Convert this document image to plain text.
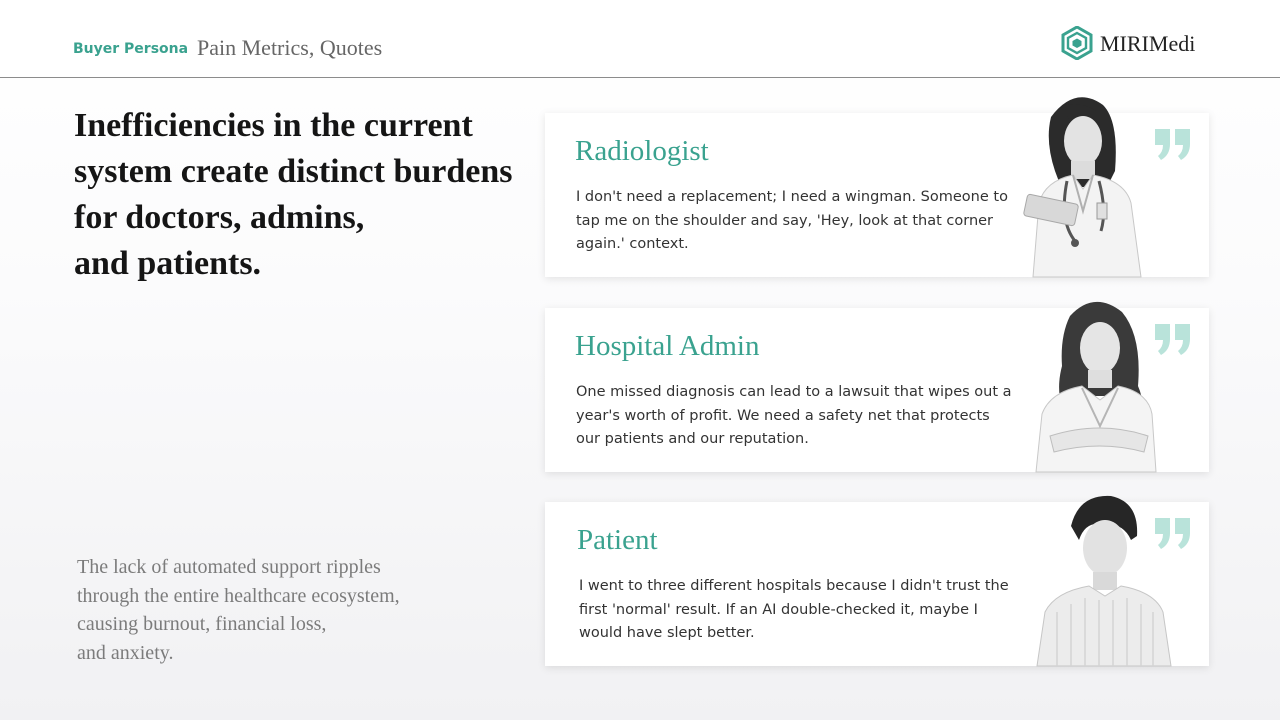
Buyer Persona Pain Metrics, Quotes	MIRIMedi
Inefficiencies in the current
system create distinct burdens
for doctors, admins,
and patients.

The lack of automated support ripples
through the entire healthcare ecosystem,
causing burnout, financial loss,
and anxiety.

Radiologist

I don't need a replacement; I need a wingman. Someone to tap me on the shoulder and say, 'Hey, look at that corner again.' context.

Hospital Admin

One missed diagnosis can lead to a lawsuit that wipes out a year's worth of profit. We need a safety net that protects our patients and our reputation.

Patient

I went to three different hospitals because I didn't trust the first 'normal' result. If an AI double-checked it, maybe I would have slept better.
